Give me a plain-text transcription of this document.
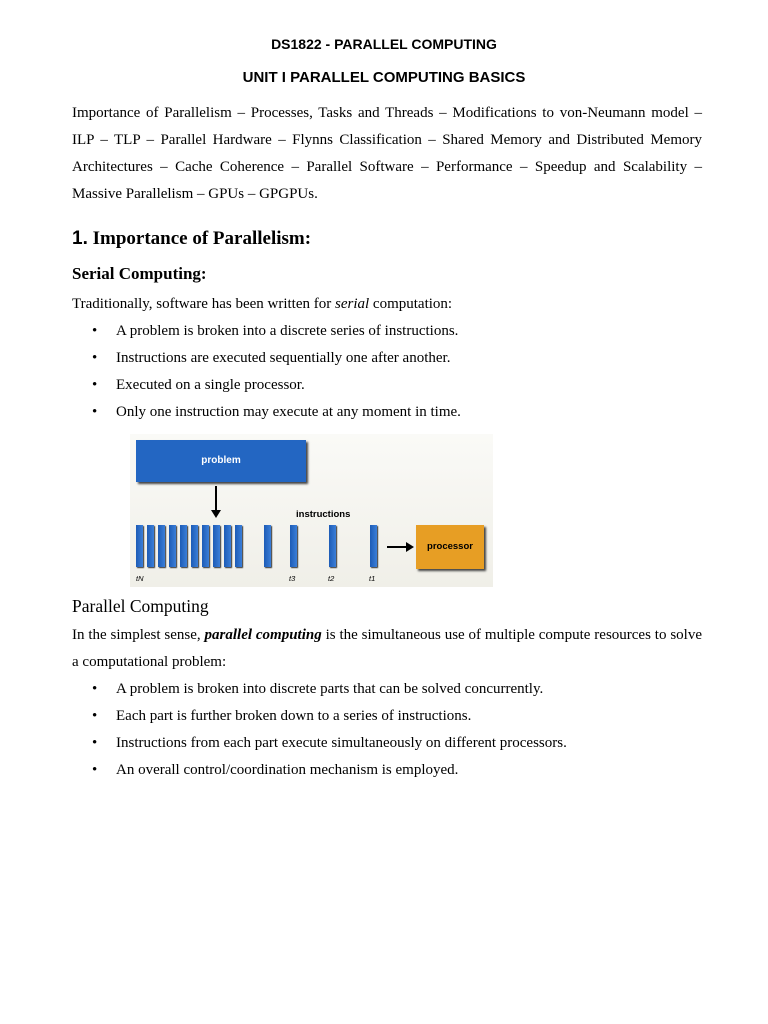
DS1822 - PARALLEL COMPUTING
UNIT I PARALLEL COMPUTING BASICS

Importance of Parallelism – Processes, Tasks and Threads – Modifications to von-Neumann model – ILP – TLP – Parallel Hardware – Flynns Classification – Shared Memory and Distributed Memory Architectures – Cache Coherence – Parallel Software – Performance – Speedup and Scalability – Massive Parallelism – GPUs – GPGPUs.

1. Importance of Parallelism:
Serial Computing:

Traditionally, software has been written for serial computation:

• A problem is broken into a discrete series of instructions.
• Instructions are executed sequentially one after another.
• Executed on a single processor.
• Only one instruction may execute at any moment in time.
problem
instructions
processor
tN	t3	t2	t1
Parallel Computing

In the simplest sense, parallel computing is the simultaneous use of multiple compute resources to solve a computational problem:

• A problem is broken into discrete parts that can be solved concurrently.
• Each part is further broken down to a series of instructions.
• Instructions from each part execute simultaneously on different processors.
• An overall control/coordination mechanism is employed.
